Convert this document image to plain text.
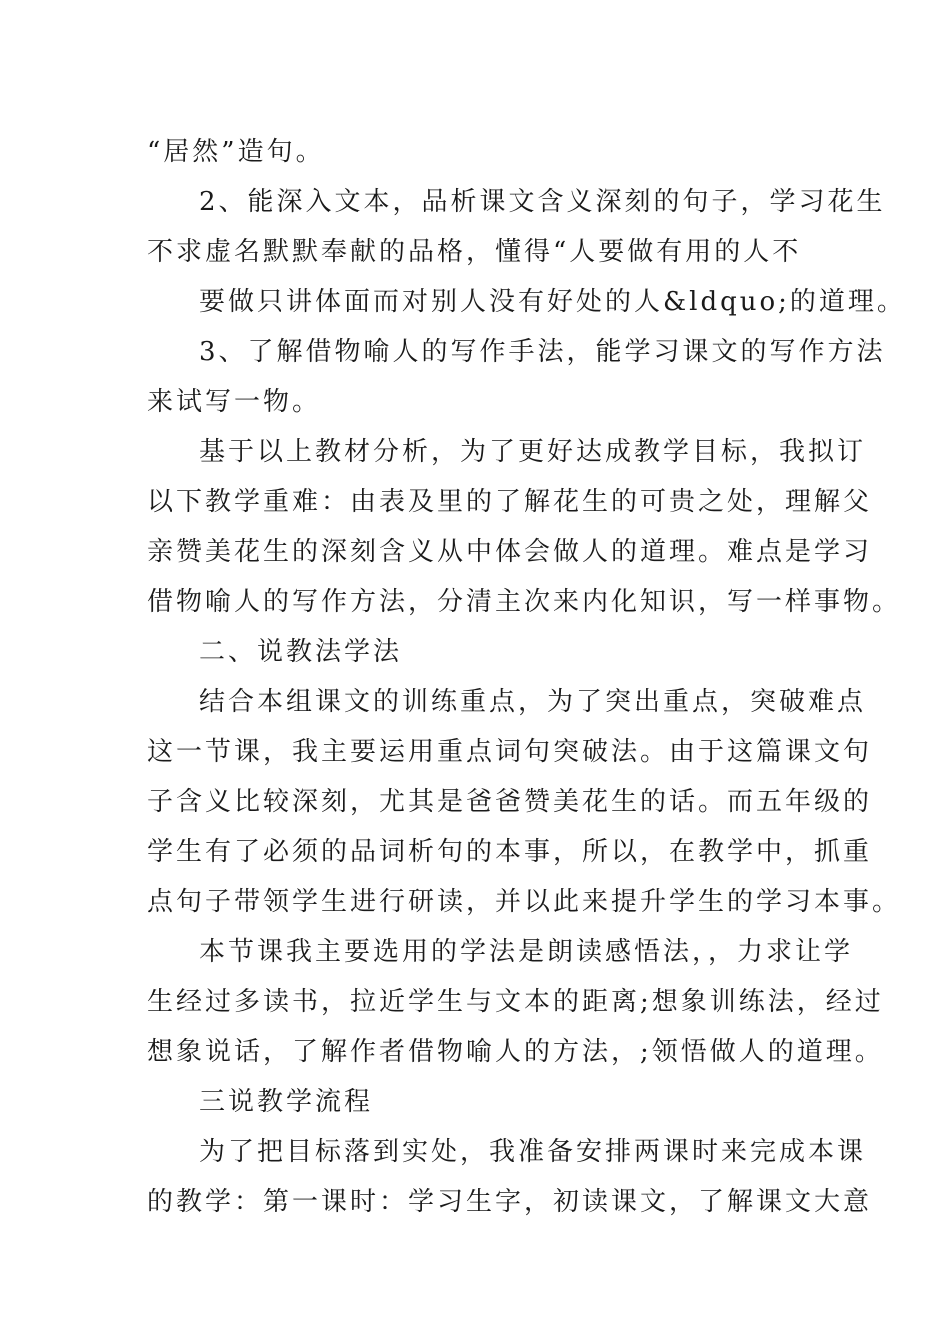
“居然”造句。
2、能深入文本，品析课文含义深刻的句子，学习花生
不求虚名默默奉献的品格，懂得“人要做有用的人不
要做只讲体面而对别人没有好处的人&ldquo;的道理。
3、了解借物喻人的写作手法，能学习课文的写作方法
来试写一物。
基于以上教材分析，为了更好达成教学目标，我拟订
以下教学重难：由表及里的了解花生的可贵之处，理解父
亲赞美花生的深刻含义从中体会做人的道理。难点是学习
借物喻人的写作方法，分清主次来内化知识，写一样事物。
二、说教法学法
结合本组课文的训练重点，为了突出重点，突破难点
这一节课，我主要运用重点词句突破法。由于这篇课文句
子含义比较深刻，尤其是爸爸赞美花生的话。而五年级的
学生有了必须的品词析句的本事，所以，在教学中，抓重
点句子带领学生进行研读，并以此来提升学生的学习本事。
本节课我主要选用的学法是朗读感悟法，，力求让学
生经过多读书，拉近学生与文本的距离;想象训练法，经过
想象说话，了解作者借物喻人的方法，;领悟做人的道理。
三说教学流程
为了把目标落到实处，我准备安排两课时来完成本课
的教学：第一课时：学习生字，初读课文，了解课文大意
